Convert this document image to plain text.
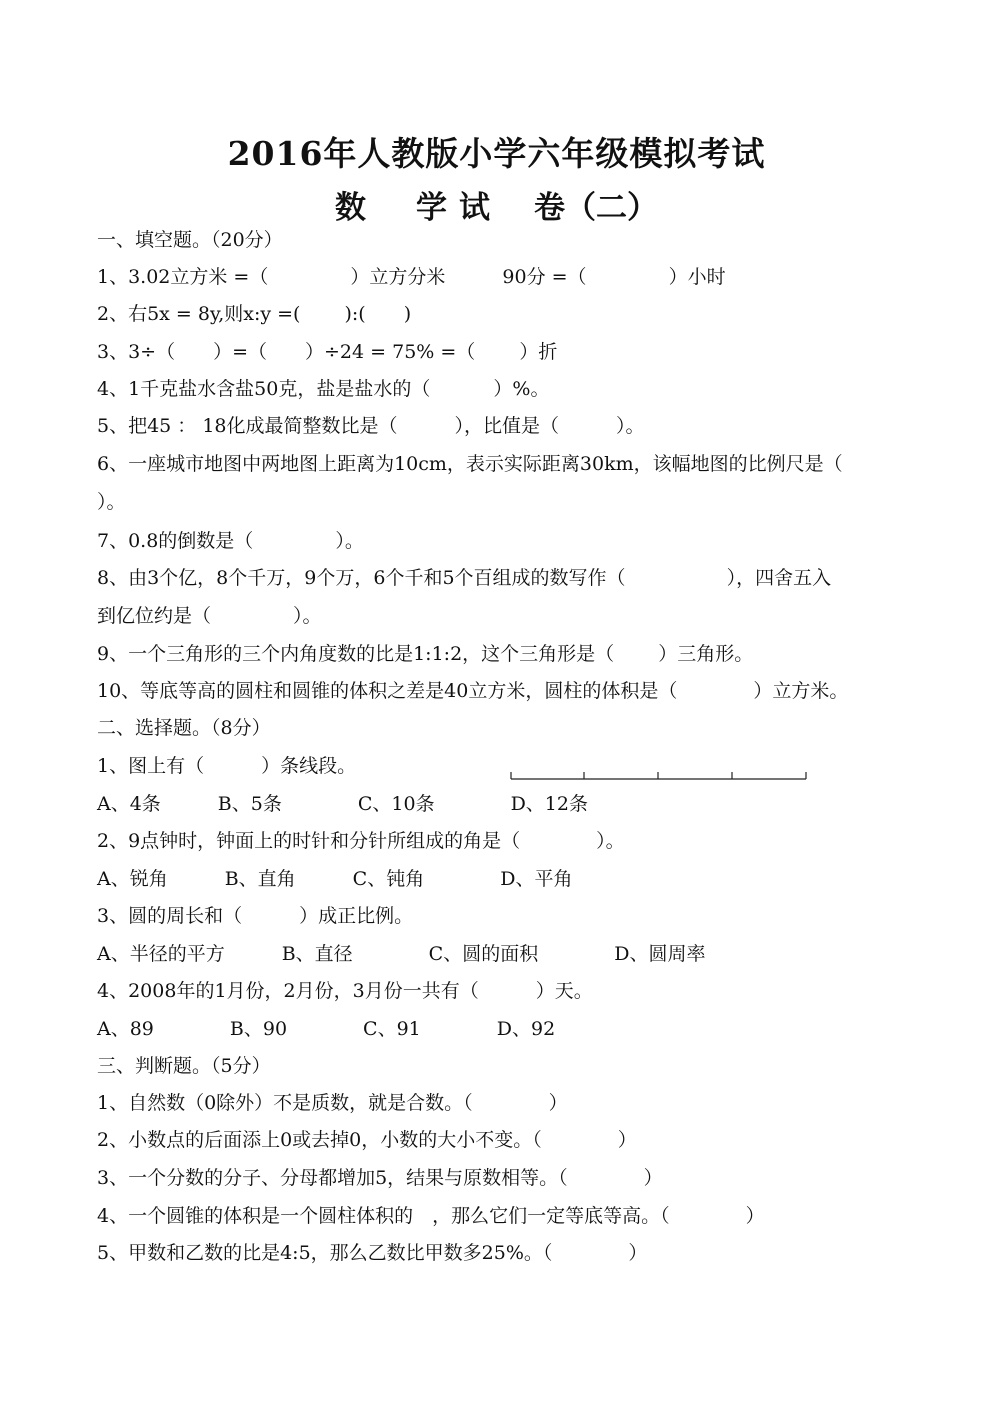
2016年人教版小学六年级模拟考试
数 学 试 卷（二）
一、填空题。（20分）
1、3.02立方米 =（　　　　 ）立方分米　　　90分 =（　　　　 ）小时
2、右5x = 8y,则x:y =(　　 ):(　　)
3、3÷（　　）=（　　）÷24 = 75% =（　　 ）折
4、1千克盐水含盐50克，盐是盐水的（　　　 ）%。
5、把45 ： 18化成最简整数比是（　　　），比值是（　　　）。
6、一座城市地图中两地图上距离为10cm，表示实际距离30km，该幅地图的比例尺是（
）。
7、0.8的倒数是（　　　　 ）。
8、由3个亿，8个千万，9个万，6个千和5个百组成的数写作（　　　　　 ），四舍五入
到亿位约是（　　　　 ）。
9、一个三角形的三个内角度数的比是1:1:2，这个三角形是（　　 ）三角形。
10、等底等高的圆柱和圆锥的体积之差是40立方米，圆柱的体积是（　　　　）立方米。
二、选择题。（8分）
1、图上有（　　　）条线段。
A、4条　　　B、5条　　　　C、10条　　　　D、12条
2、9点钟时，钟面上的时针和分针所组成的角是（　　　　）。
A、锐角　　　B、直角　　　C、钝角　　　　D、平角
3、圆的周长和（　　　）成正比例。
A、半径的平方　　　B、直径　　　　C、圆的面积　　　　D、圆周率
4、2008年的1月份，2月份，3月份一共有（　　　）天。
A、89　　　　B、90　　　　C、91　　　　D、92
三、判断题。（5分）
1、自然数（0除外）不是质数，就是合数。（　　　　）
2、小数点的后面添上0或去掉0，小数的大小不变。（　　　　）
3、一个分数的分子、分母都增加5，结果与原数相等。（　　　　）
4、一个圆锥的体积是一个圆柱体积的　，那么它们一定等底等高。（　　　　）
5、甲数和乙数的比是4:5，那么乙数比甲数多25%。（　　　　）
